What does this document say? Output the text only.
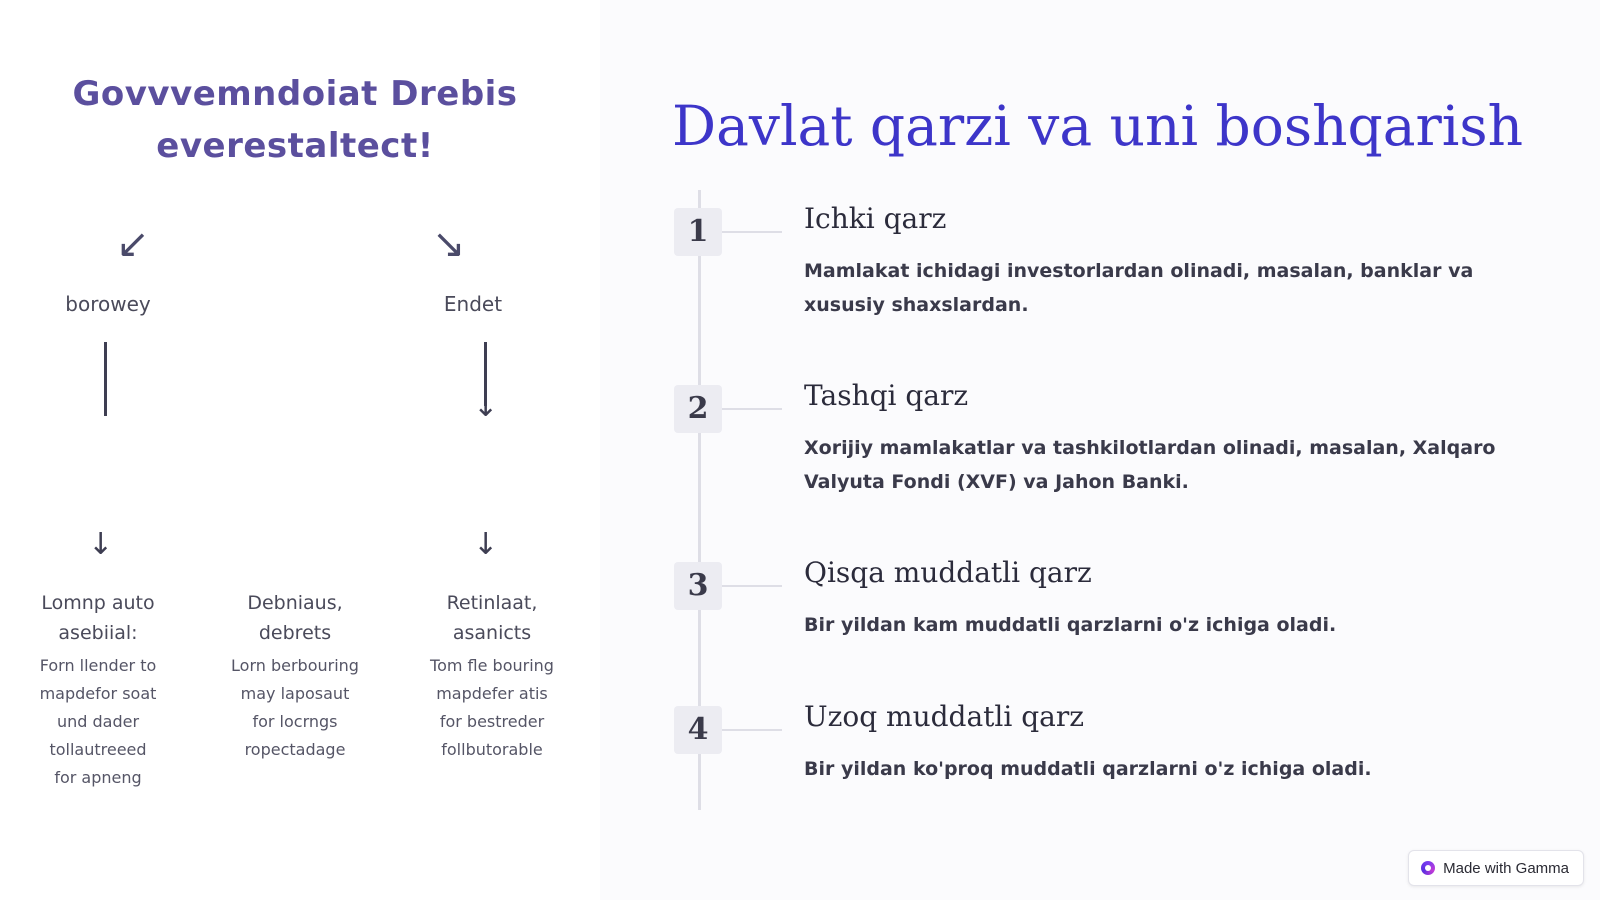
Govvvemndoiat Drebis
everestaltect!
↙	↘
borowey	Endet
↓
↓	↓
Lomnp auto
asebiial:
Forn llender to
mapdefor soat
und dader
tollautreeed
for apneng
Debniaus,
debrets
Lorn berbouring
may laposaut
for locrngs
ropectadage
Retinlaat,
asanicts
Tom fle bouring
mapdefer atis
for bestreder
follbutorable
Davlat qarzi va uni boshqarish
1	Ichki qarz
Mamlakat ichidagi investorlardan olinadi, masalan, banklar va xususiy shaxslardan.
2	Tashqi qarz
Xorijiy mamlakatlar va tashkilotlardan olinadi, masalan, Xalqaro Valyuta Fondi (XVF) va Jahon Banki.
3	Qisqa muddatli qarz
Bir yildan kam muddatli qarzlarni o'z ichiga oladi.
4	Uzoq muddatli qarz
Bir yildan ko'proq muddatli qarzlarni o'z ichiga oladi.
Made with Gamma
